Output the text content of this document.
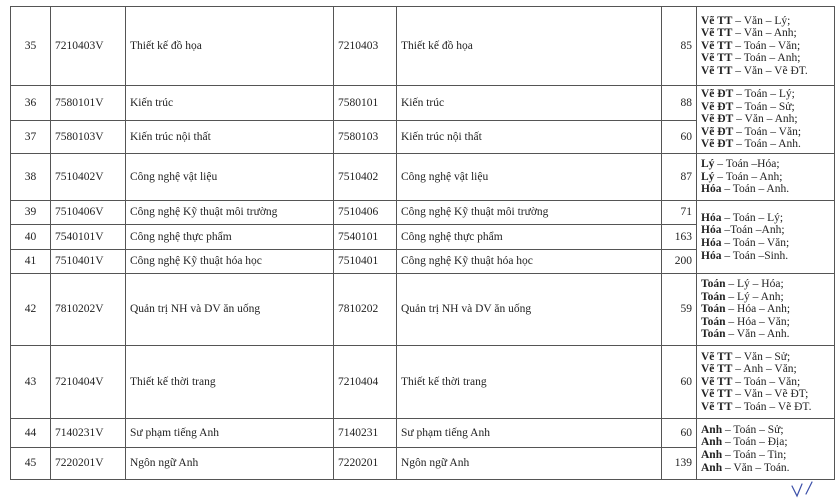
35	7210403V	Thiết kế đồ họa	7210403	Thiết kế đồ họa	85	Vẽ TT – Văn – Lý;
Vẽ TT – Văn – Anh;
Vẽ TT – Toán – Văn;
Vẽ TT – Toán – Anh;
Vẽ TT – Văn – Vẽ ĐT.

36	7580101V	Kiến trúc	7580101	Kiến trúc	88	Vẽ ĐT – Toán – Lý;
Vẽ ĐT – Toán – Sử;
Vẽ ĐT – Văn – Anh;
Vẽ ĐT – Toán – Văn;
Vẽ ĐT – Toán – Anh.

37	7580103V	Kiến trúc nội thất	7580103	Kiến trúc nội thất	60	
38	7510402V	Công nghệ vật liệu	7510402	Công nghệ vật liệu	87	Lý – Toán –Hóa;
Lý – Toán – Anh;
Hóa – Toán – Anh.

39	7510406V	Công nghệ Kỹ thuật môi trường	7510406	Công nghệ Kỹ thuật môi trường	71	Hóa – Toán – Lý;
Hóa –Toán –Anh;
Hóa – Toán – Văn;
Hóa – Toán –Sinh.

40	7540101V	Công nghệ thực phẩm	7540101	Công nghệ thực phẩm	163	
41	7510401V	Công nghệ Kỹ thuật hóa học	7510401	Công nghệ Kỹ thuật hóa học	200	
42	7810202V	Quản trị NH và DV ăn uống	7810202	Quản trị NH và DV ăn uống	59	Toán – Lý – Hóa;
Toán – Lý – Anh;
Toán – Hóa – Anh;
Toán – Hóa – Văn;
Toán – Văn – Anh.

43	7210404V	Thiết kế thời trang	7210404	Thiết kế thời trang	60	Vẽ TT – Văn – Sử;
Vẽ TT – Anh – Văn;
Vẽ TT – Toán – Văn;
Vẽ TT – Văn – Vẽ ĐT;
Vẽ TT – Toán – Vẽ ĐT.

44	7140231V	Sư phạm tiếng Anh	7140231	Sư phạm tiếng Anh	60	Anh – Toán – Sử;
Anh – Toán – Địa;
Anh – Toán – Tin;
Anh – Văn – Toán.

45	7220201V	Ngôn ngữ Anh	7220201	Ngôn ngữ Anh	139	
